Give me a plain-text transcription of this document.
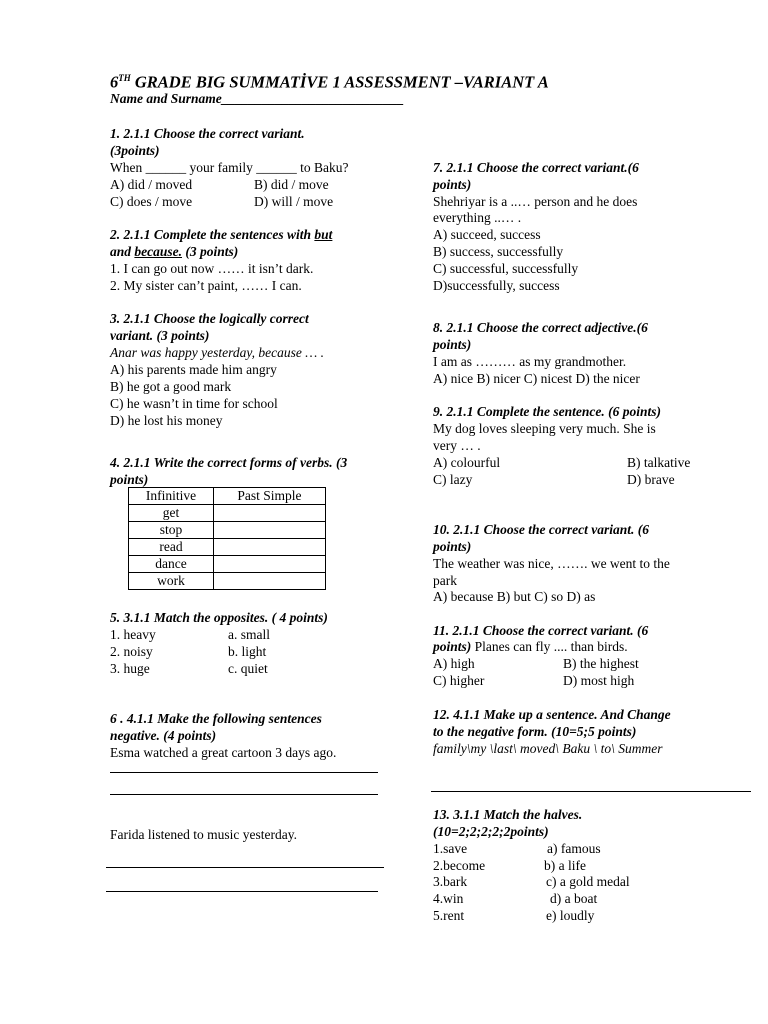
6TH GRADE BIG SUMMATİVE 1 ASSESSMENT –VARIANT A
Name and Surname___________________________
1. 2.1.1 Choose the correct variant.
(3points)
When ______ your family ______ to Baku?
A) did / moved	B) did / move
C) does / move	D) will / move
2. 2.1.1 Complete the sentences with but
and because. (3 points)
1. I can go out now …… it isn’t dark.
2. My sister can’t paint, …… I can.
3. 2.1.1 Choose the logically correct
variant. (3 points)
Anar was happy yesterday, because … .
A) his parents made him angry
B) he got a good mark
C) he wasn’t in time for school
D) he lost his money
4. 2.1.1 Write the correct forms of verbs. (3
points)
Infinitive	Past Simple
get	
stop	
read	
dance	
work	
5. 3.1.1 Match the opposites. ( 4 points)
1. heavy	a. small
2. noisy	b. light
3. huge	c. quiet
6 . 4.1.1 Make the following sentences
negative. (4 points)
Esma watched a great cartoon 3 days ago.
Farida listened to music yesterday.
7. 2.1.1 Choose the correct variant.(6
points)
Shehriyar is a ..… person and he does
everything ..… .
A) succeed, success
B) success, successfully
C) successful, successfully
D)successfully, success
8. 2.1.1 Choose the correct adjective.(6
points)
I am as ……… as my grandmother.
A) nice B) nicer C) nicest D) the nicer
9. 2.1.1 Complete the sentence. (6 points)
My dog loves sleeping very much. She is
very … .
A) colourful	B) talkative
C) lazy	D) brave
10. 2.1.1 Choose the correct variant. (6
points)
The weather was nice, ……. we went to the
park
A) because B) but C) so D) as
11. 2.1.1 Choose the correct variant. (6
points) Planes can fly .... than birds.
A) high	B) the highest
C) higher	D) most high
12. 4.1.1 Make up a sentence. And Change
to the negative form. (10=5;5 points)
family\my \last\ moved\ Baku \ to\ Summer
13. 3.1.1 Match the halves.
(10=2;2;2;2;2points)
1.save	a) famous
2.become	b) a life
3.bark	c) a gold medal
4.win	d) a boat
5.rent	e) loudly
